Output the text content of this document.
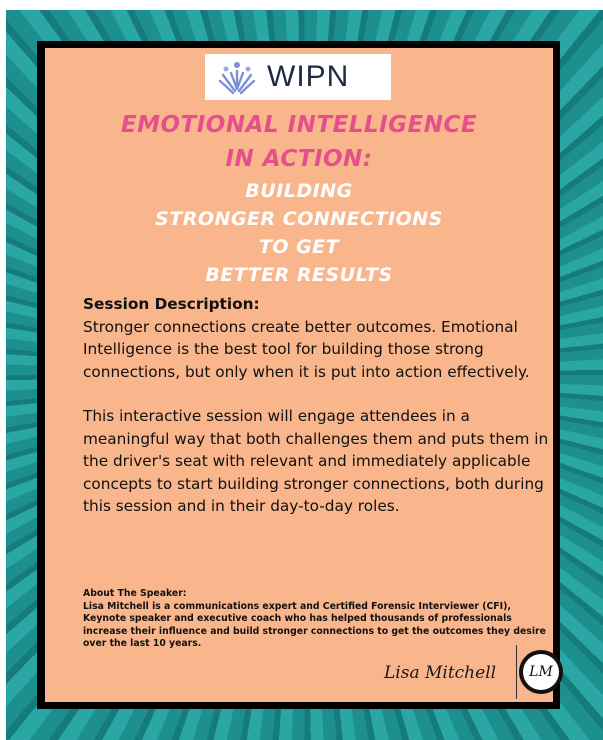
WIPN
EMOTIONAL INTELLIGENCE
IN ACTION:
BUILDING
STRONGER CONNECTIONS
TO GET
BETTER RESULTS
Session Description:
Stronger connections create better outcomes. Emotional Intelligence is the best tool for building those strong connections, but only when it is put into action effectively.
This interactive session will engage attendees in a meaningful way that both challenges them and puts them in the driver's seat with relevant and immediately applicable concepts to start building stronger connections, both during this session and in their day-to-day roles.
About The Speaker:
Lisa Mitchell is a communications expert and Certified Forensic Interviewer (CFI), Keynote speaker and executive coach who has helped thousands of professionals increase their influence and build stronger connections to get the outcomes they desire over the last 10 years.
Lisa Mitchell	LM
